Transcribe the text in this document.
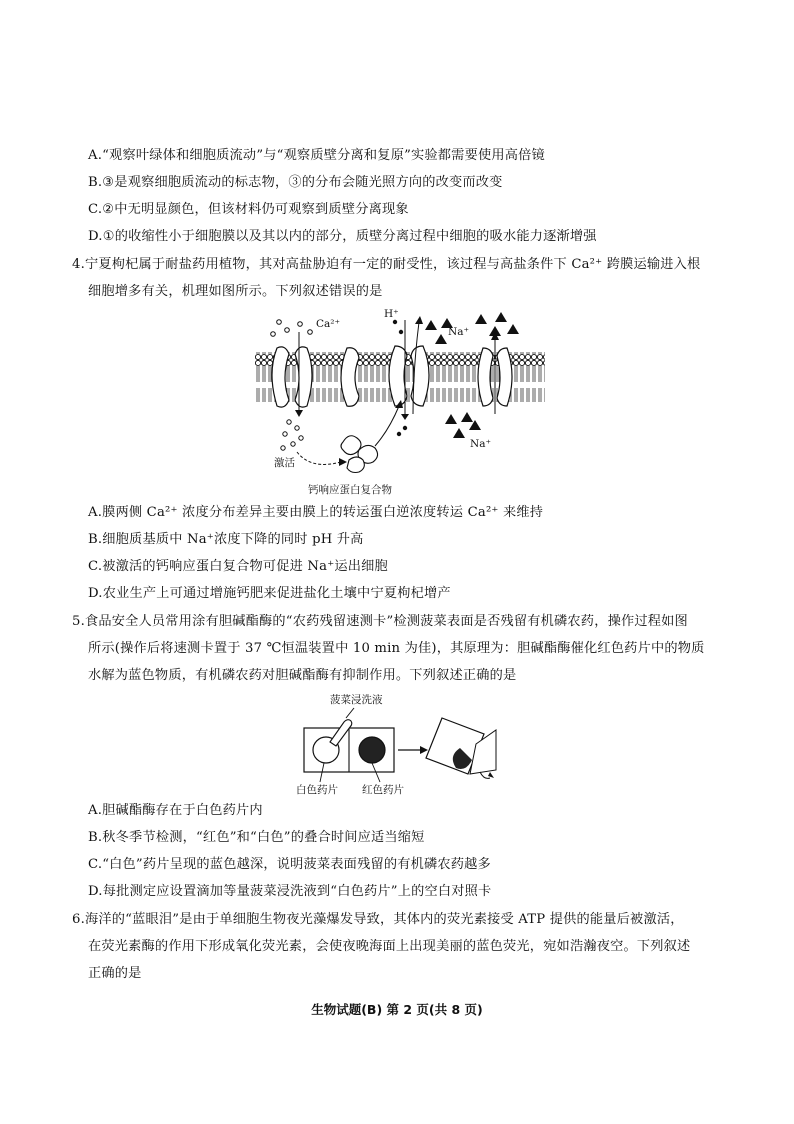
A.“观察叶绿体和细胞质流动”与“观察质壁分离和复原”实验都需要使用高倍镜
B.③是观察细胞质流动的标志物，③的分布会随光照方向的改变而改变
C.②中无明显颜色，但该材料仍可观察到质壁分离现象
D.①的收缩性小于细胞膜以及其以内的部分，质壁分离过程中细胞的吸水能力逐渐增强
4.宁夏枸杞属于耐盐药用植物，其对高盐胁迫有一定的耐受性，该过程与高盐条件下 Ca²⁺ 跨膜运输进入根
细胞增多有关，机理如图所示。下列叙述错误的是
Ca²⁺
H⁺
Na⁺
Na⁺
激活
钙响应蛋白复合物
A.膜两侧 Ca²⁺ 浓度分布差异主要由膜上的转运蛋白逆浓度转运 Ca²⁺ 来维持
B.细胞质基质中 Na⁺浓度下降的同时 pH 升高
C.被激活的钙响应蛋白复合物可促进 Na⁺运出细胞
D.农业生产上可通过增施钙肥来促进盐化土壤中宁夏枸杞增产
5.食品安全人员常用涂有胆碱酯酶的“农药残留速测卡”检测菠菜表面是否残留有机磷农药，操作过程如图
所示(操作后将速测卡置于 37 ℃恒温装置中 10 min 为佳)，其原理为：胆碱酯酶催化红色药片中的物质
水解为蓝色物质，有机磷农药对胆碱酯酶有抑制作用。下列叙述正确的是
菠菜浸洗液
白色药片 红色药片
A.胆碱酯酶存在于白色药片内
B.秋冬季节检测，“红色”和“白色”的叠合时间应适当缩短
C.“白色”药片呈现的蓝色越深，说明菠菜表面残留的有机磷农药越多
D.每批测定应设置滴加等量菠菜浸洗液到“白色药片”上的空白对照卡
6.海洋的“蓝眼泪”是由于单细胞生物夜光藻爆发导致，其体内的荧光素接受 ATP 提供的能量后被激活，
在荧光素酶的作用下形成氧化荧光素，会使夜晚海面上出现美丽的蓝色荧光，宛如浩瀚夜空。下列叙述
正确的是
生物试题(B) 第 2 页(共 8 页)
